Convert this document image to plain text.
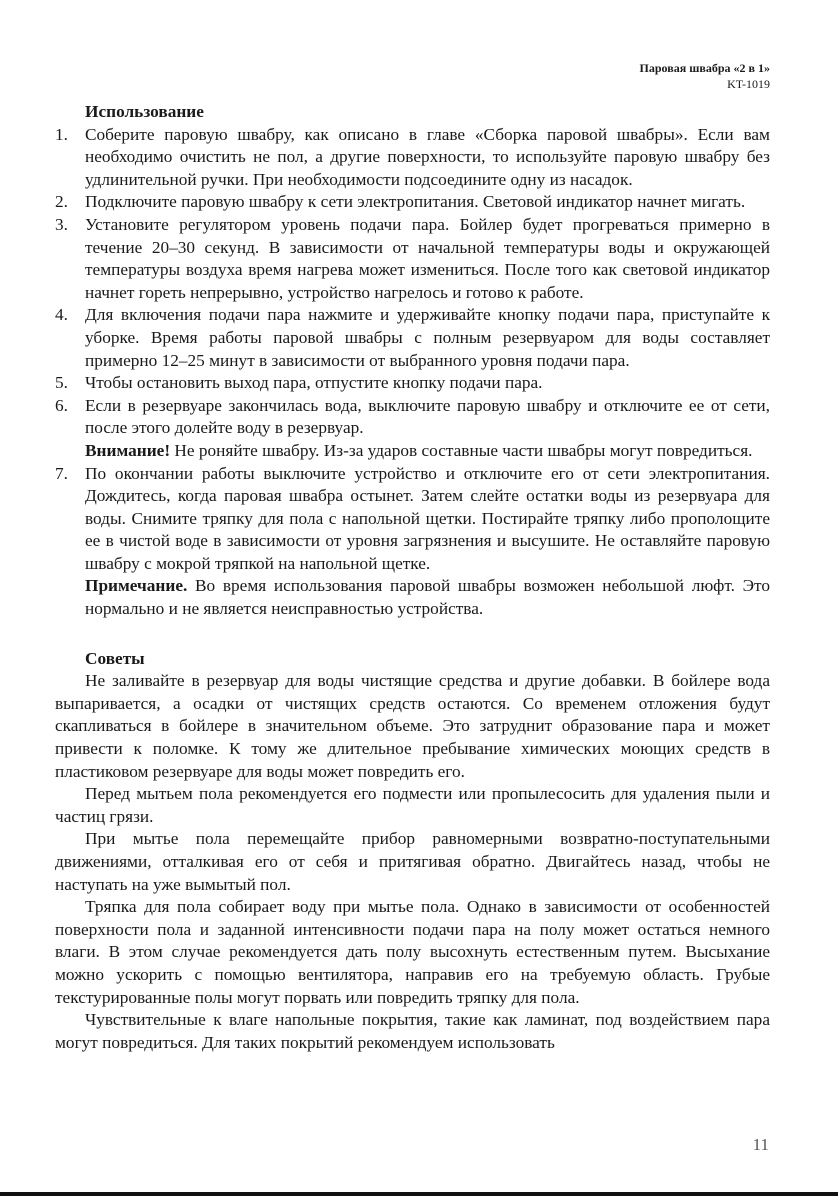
Паровая швабра «2 в 1»
KT-1019
Использование
1. Соберите паровую швабру, как описано в главе «Сборка паровой швабры». Если вам необходимо очистить не пол, а другие поверхности, то используйте паровую швабру без удлинительной ручки. При необходимости подсоедините одну из насадок.
2. Подключите паровую швабру к сети электропитания. Световой индикатор начнет мигать.
3. Установите регулятором уровень подачи пара. Бойлер будет прогреваться примерно в течение 20–30 секунд. В зависимости от начальной температуры воды и окружающей температуры воздуха время нагрева может измениться. После того как световой индикатор начнет гореть непрерывно, устройство нагрелось и готово к работе.
4. Для включения подачи пара нажмите и удерживайте кнопку подачи пара, приступайте к уборке. Время работы паровой швабры с полным резервуаром для воды составляет примерно 12–25 минут в зависимости от выбранного уровня подачи пара.
5. Чтобы остановить выход пара, отпустите кнопку подачи пара.
6. Если в резервуаре закончилась вода, выключите паровую швабру и отключите ее от сети, после этого долейте воду в резервуар.
Внимание! Не роняйте швабру. Из-за ударов составные части швабры могут повредиться.
7. По окончании работы выключите устройство и отключите его от сети электропитания. Дождитесь, когда паровая швабра остынет. Затем слейте остатки воды из резервуара для воды. Снимите тряпку для пола с напольной щетки. Постирайте тряпку либо прополощите ее в чистой воде в зависимости от уровня загрязнения и высушите. Не оставляйте паровую швабру с мокрой тряпкой на напольной щетке.
Примечание. Во время использования паровой швабры возможен небольшой люфт. Это нормально и не является неисправностью устройства.
Советы

Не заливайте в резервуар для воды чистящие средства и другие добавки. В бойлере вода выпаривается, а осадки от чистящих средств остаются. Со временем отложения будут скапливаться в бойлере в значительном объеме. Это затруднит образование пара и может привести к поломке. К тому же длительное пребывание химических моющих средств в пластиковом резервуаре для воды может повредить его.

Перед мытьем пола рекомендуется его подмести или пропылесосить для удаления пыли и частиц грязи.

При мытье пола перемещайте прибор равномерными возвратно-поступательными движениями, отталкивая его от себя и притягивая обратно. Двигайтесь назад, чтобы не наступать на уже вымытый пол.

Тряпка для пола собирает воду при мытье пола. Однако в зависимости от особенностей поверхности пола и заданной интенсивности подачи пара на полу может остаться немного влаги. В этом случае рекомендуется дать полу высохнуть естественным путем. Высыхание можно ускорить с помощью вентилятора, направив его на требуемую область. Грубые текстурированные полы могут порвать или повредить тряпку для пола.

Чувствительные к влаге напольные покрытия, такие как ламинат, под воздействием пара могут повредиться. Для таких покрытий рекомендуем использовать

11
